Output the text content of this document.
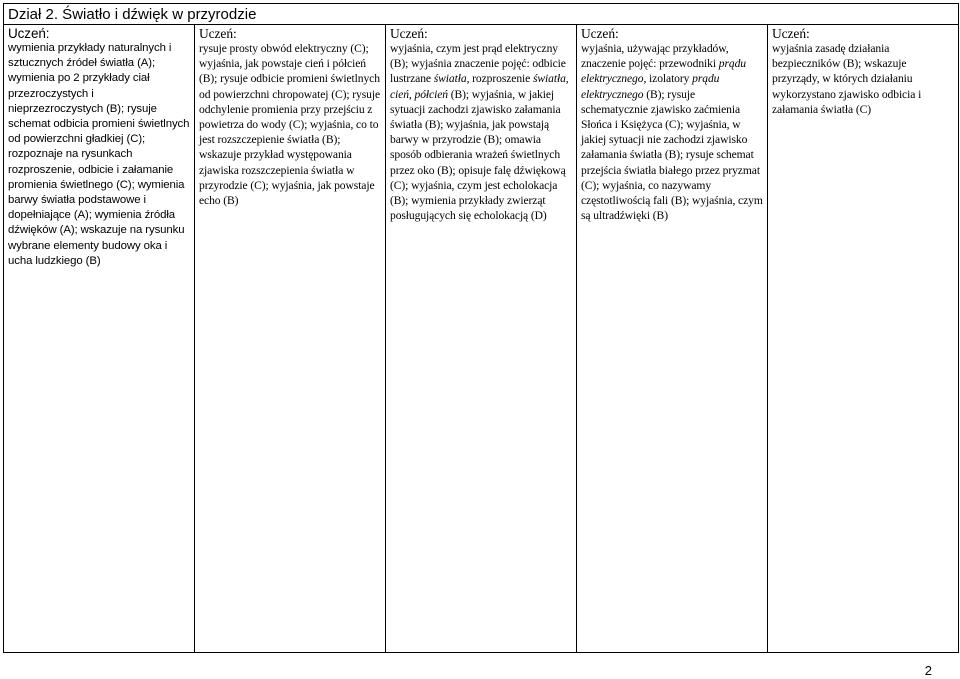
Dział 2. Światło i dźwięk w przyrodzie

Uczeń:
wymienia przykłady naturalnych i sztucznych źródeł światła (A); wymienia po 2 przykłady ciał przezroczystych i nieprzezroczystych (B); rysuje schemat odbicia promieni świetlnych od powierzchni gładkiej (C); rozpoznaje na rysunkach rozproszenie, odbicie i załamanie promienia świetlnego (C); wymienia barwy światła podstawowe i dopełniające (A); wymienia źródła dźwięków (A); wskazuje na rysunku wybrane elementy budowy oka i ucha ludzkiego (B)

Uczeń:
rysuje prosty obwód elektryczny (C); wyjaśnia, jak powstaje cień i półcień (B); rysuje odbicie promieni świetlnych od powierzchni chropowatej (C); rysuje odchylenie promienia przy przejściu z powietrza do wody (C); wyjaśnia, co to jest rozszczepienie światła (B); wskazuje przykład występowania zjawiska rozszczepienia światła w przyrodzie (C); wyjaśnia, jak powstaje echo (B)

Uczeń:
wyjaśnia, czym jest prąd elektryczny (B); wyjaśnia znaczenie pojęć: odbicie lustrzane światła, rozproszenie światła, cień, półcień (B); wyjaśnia, w jakiej sytuacji zachodzi zjawisko załamania światła (B); wyjaśnia, jak powstają barwy w przyrodzie (B); omawia sposób odbierania wrażeń świetlnych przez oko (B); opisuje falę dźwiękową (C); wyjaśnia, czym jest echolokacja (B); wymienia przykłady zwierząt posługujących się echolokacją (D)

Uczeń:
wyjaśnia, używając przykładów, znaczenie pojęć: przewodniki prądu elektrycznego, izolatory prądu elektrycznego (B); rysuje schematycznie zjawisko zaćmienia Słońca i Księżyca (C); wyjaśnia, w jakiej sytuacji nie zachodzi zjawisko załamania światła (B); rysuje schemat przejścia światła białego przez pryzmat (C); wyjaśnia, co nazywamy częstotliwością fali (B); wyjaśnia, czym są ultradźwięki (B)

Uczeń:
wyjaśnia zasadę działania bezpieczników (B); wskazuje przyrządy, w których działaniu wykorzystano zjawisko odbicia i załamania światła (C)
2
